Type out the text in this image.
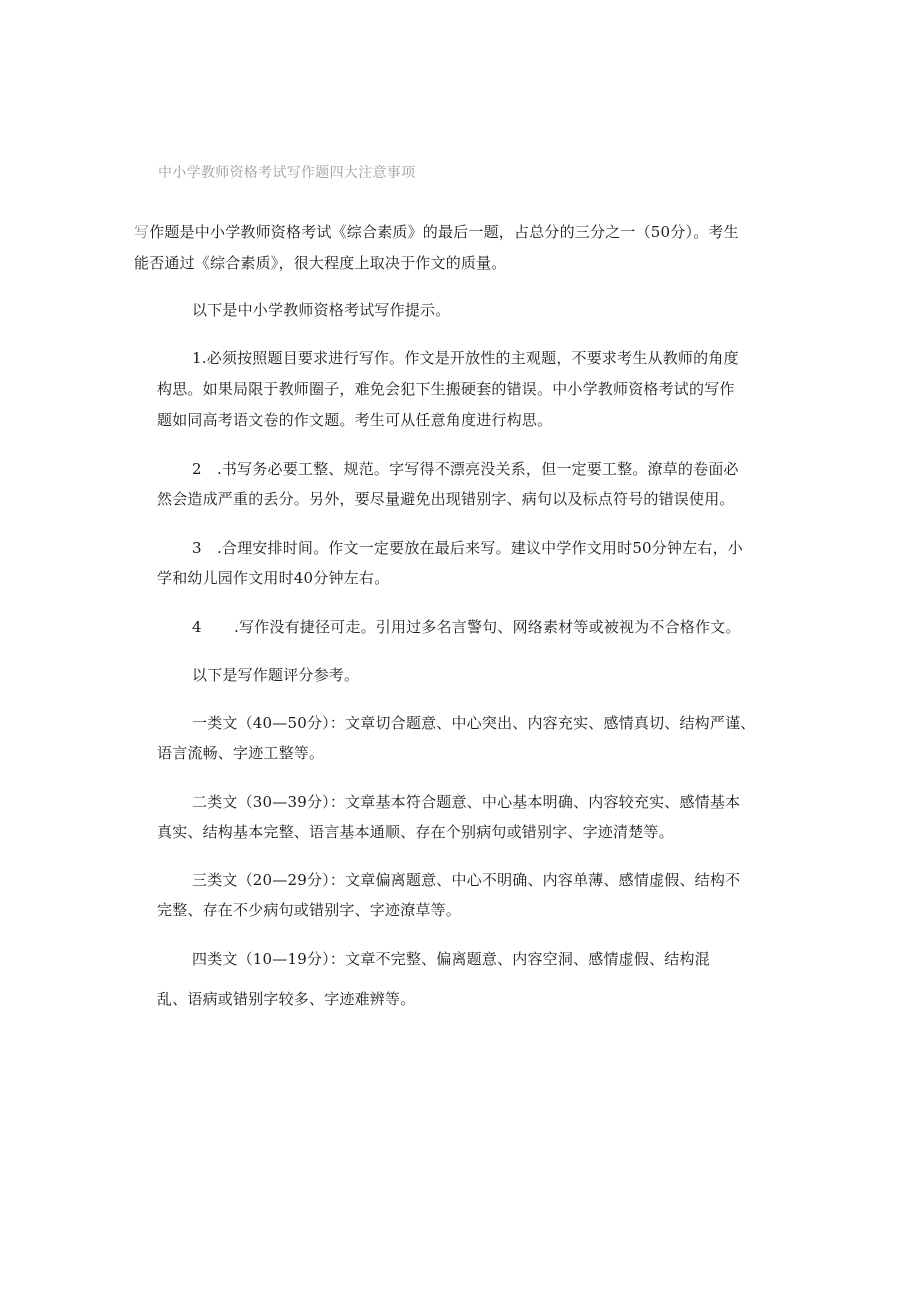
中小学教师资格考试写作题四大注意事项
写作题是中小学教师资格考试《综合素质》的最后一题，占总分的三分之一（50分）。考生
能否通过《综合素质》，很大程度上取决于作文的质量。
以下是中小学教师资格考试写作提示。
1.必须按照题目要求进行写作。作文是开放性的主观题，不要求考生从教师的角度
构思。如果局限于教师圈子，难免会犯下生搬硬套的错误。中小学教师资格考试的写作
题如同高考语文卷的作文题。考生可从任意角度进行构思。
2　.书写务必要工整、规范。字写得不漂亮没关系，但一定要工整。潦草的卷面必
然会造成严重的丢分。另外，要尽量避免出现错别字、病句以及标点符号的错误使用。
3　.合理安排时间。作文一定要放在最后来写。建议中学作文用时50分钟左右，小
学和幼儿园作文用时40分钟左右。
4 .写作没有捷径可走。引用过多名言警句、网络素材等或被视为不合格作文。
以下是写作题评分参考。
一类文（40—50分）：文章切合题意、中心突出、内容充实、感情真切、结构严谨、
语言流畅、字迹工整等。
二类文（30—39分）：文章基本符合题意、中心基本明确、内容较充实、感情基本
真实、结构基本完整、语言基本通顺、存在个别病句或错别字、字迹清楚等。
三类文（20—29分）：文章偏离题意、中心不明确、内容单薄、感情虚假、结构不
完整、存在不少病句或错别字、字迹潦草等。
四类文（10—19分）：文章不完整、偏离题意、内容空洞、感情虚假、结构混
乱、语病或错别字较多、字迹难辨等。
